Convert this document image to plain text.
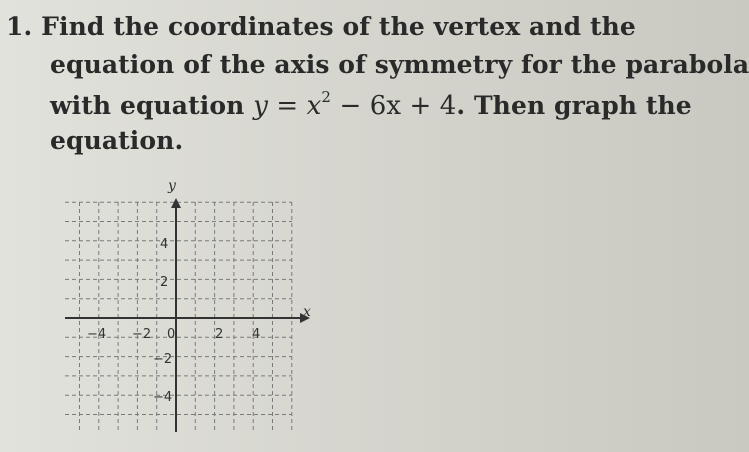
1. Find the coordinates of the vertex and the
equation of the axis of symmetry for the parabola
with equation $y = x^2 - 6x + 4$. Then graph the
equation.
y
x
−4 −2 0	2 4
4
2
−2
−4
